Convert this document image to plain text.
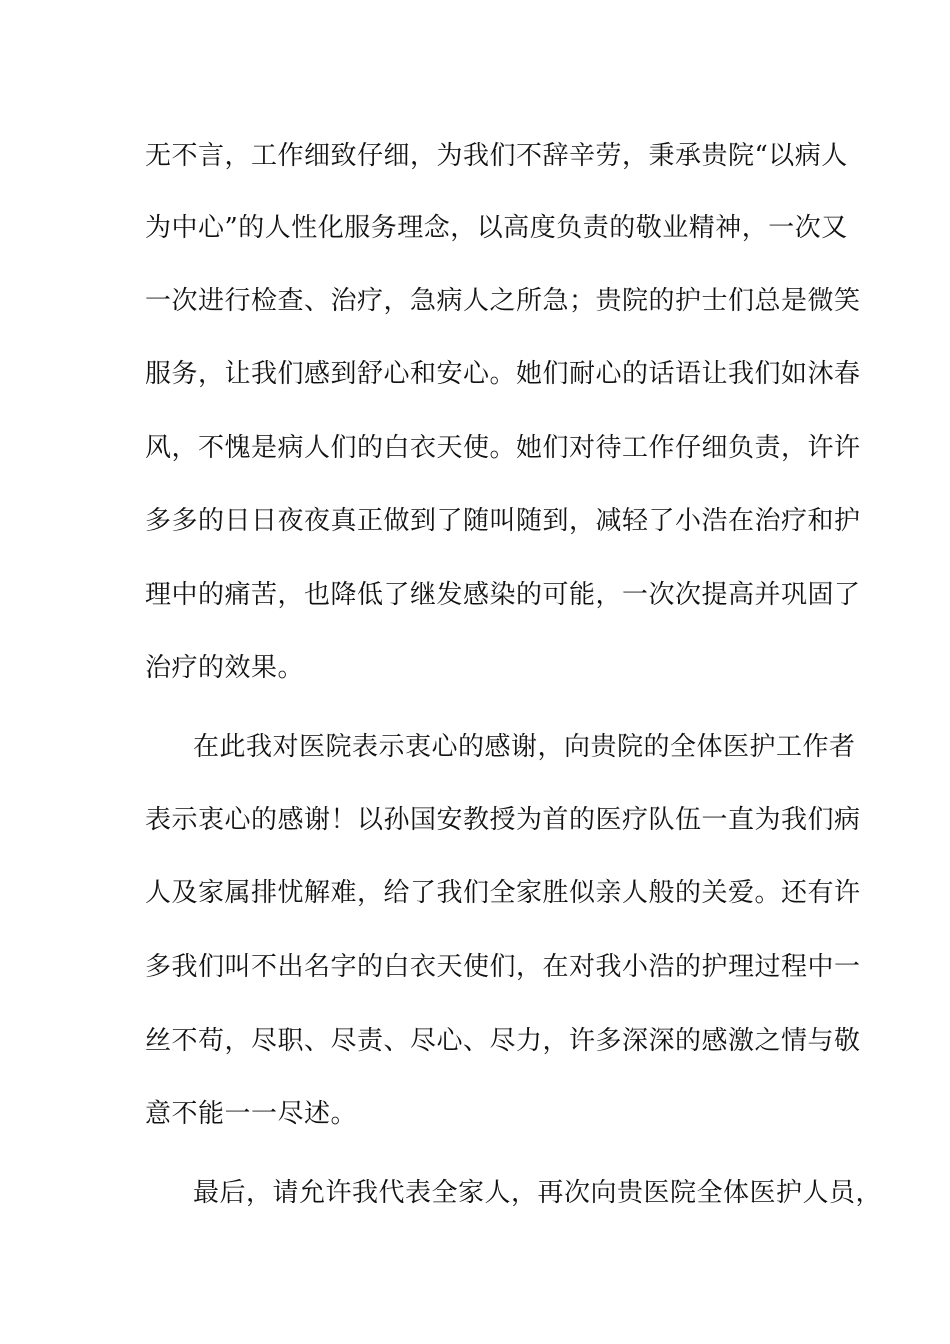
无不言，工作细致仔细，为我们不辞辛劳，秉承贵院“以病人
为中心”的人性化服务理念，以高度负责的敬业精神，一次又
一次进行检查、治疗，急病人之所急；贵院的护士们总是微笑
服务，让我们感到舒心和安心。她们耐心的话语让我们如沐春
风，不愧是病人们的白衣天使。她们对待工作仔细负责，许许
多多的日日夜夜真正做到了随叫随到，减轻了小浩在治疗和护
理中的痛苦，也降低了继发感染的可能，一次次提高并巩固了
治疗的效果。
在此我对医院表示衷心的感谢，向贵院的全体医护工作者
表示衷心的感谢！以孙国安教授为首的医疗队伍一直为我们病
人及家属排忧解难，给了我们全家胜似亲人般的关爱。还有许
多我们叫不出名字的白衣天使们，在对我小浩的护理过程中一
丝不苟，尽职、尽责、尽心、尽力，许多深深的感激之情与敬
意不能一一尽述。
最后，请允许我代表全家人，再次向贵医院全体医护人员，
